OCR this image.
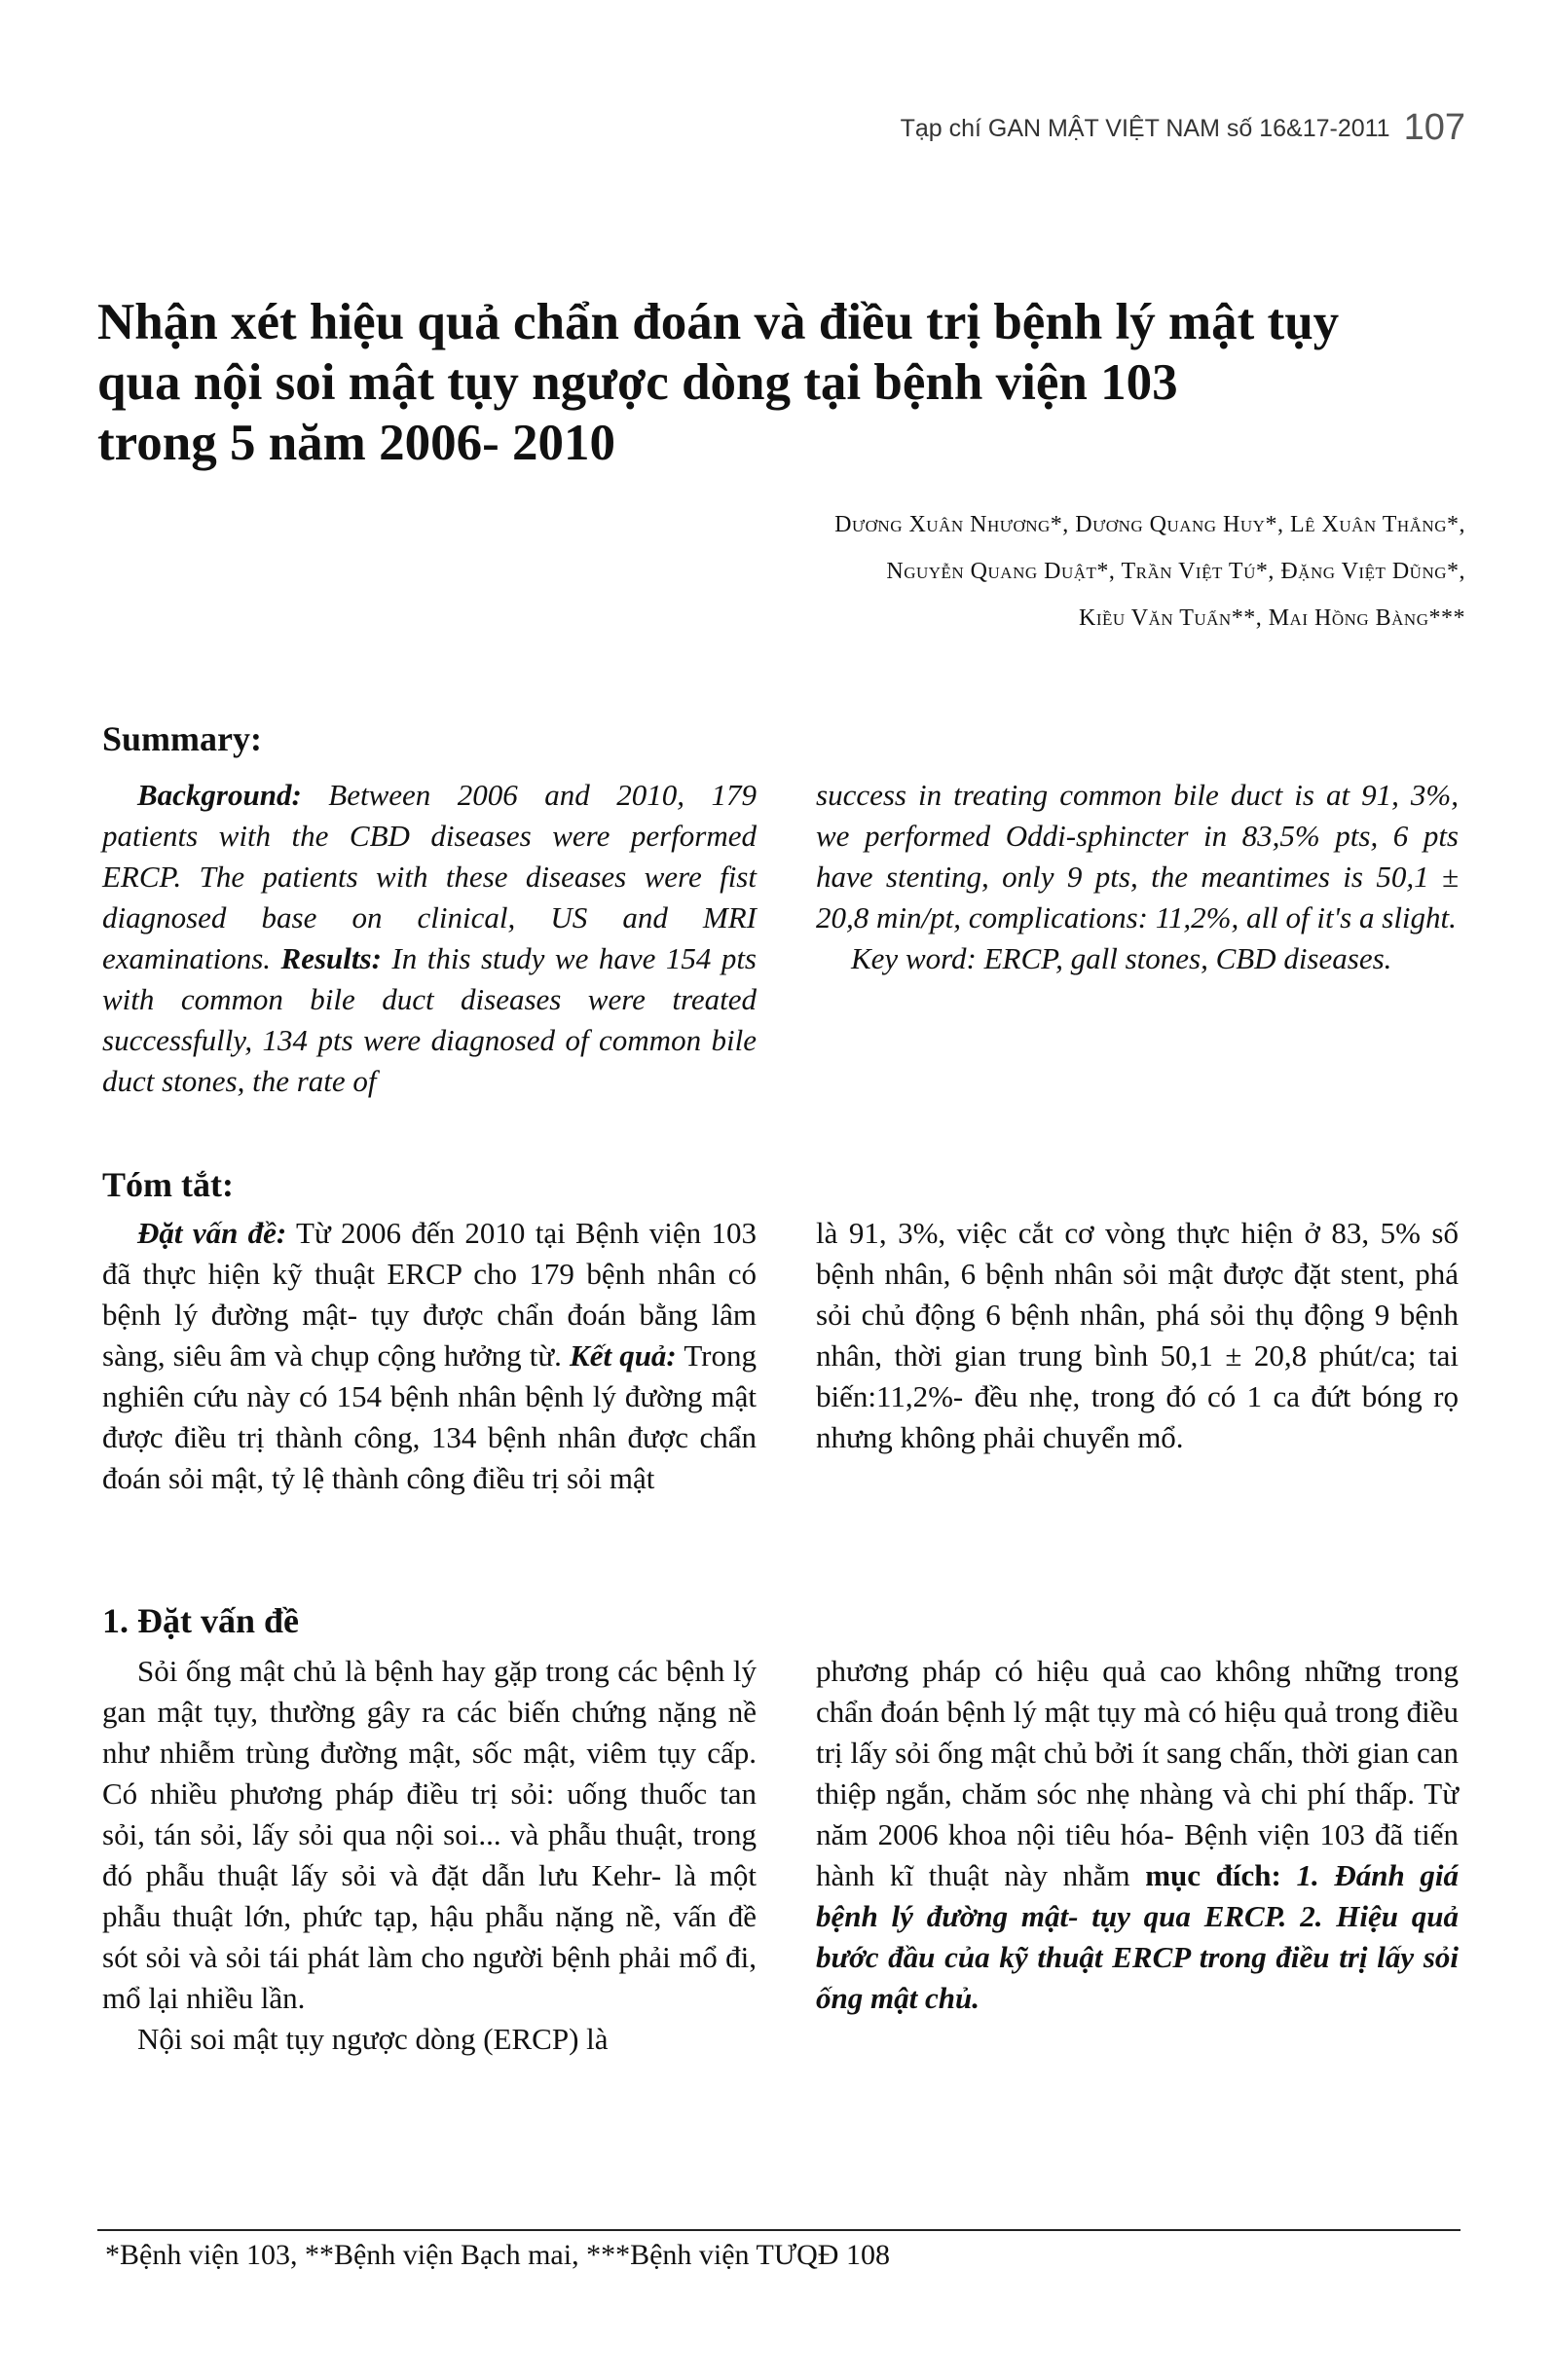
Tạp chí GAN MẬT VIỆT NAM số 16&17-2011 107
Nhận xét hiệu quả chẩn đoán và điều trị bệnh lý mật tụy
qua nội soi mật tụy ngược dòng tại bệnh viện 103
trong 5 năm 2006- 2010
Dương Xuân Nhương*, Dương Quang Huy*, Lê Xuân Thắng*,
Nguyễn Quang Duật*, Trần Việt Tú*, Đặng Việt Dũng*,
Kiều Văn Tuấn**, Mai Hồng Bàng***
Summary:

Background: Between 2006 and 2010, 179 patients with the CBD diseases were performed ERCP. The patients with these diseases were fist diagnosed base on clinical, US and MRI examinations. Results: In this study we have 154 pts with common bile duct diseases were treated successfully, 134 pts were diagnosed of common bile duct stones, the rate of

success in treating common bile duct is at 91, 3%, we performed Oddi-sphincter in 83,5% pts, 6 pts have stenting, only 9 pts, the meantimes is 50,1 ± 20,8 min/pt, complications: 11,2%, all of it's a slight.

Key word: ERCP, gall stones, CBD diseases.

Tóm tắt:

Đặt vấn đề: Từ 2006 đến 2010 tại Bệnh viện 103 đã thực hiện kỹ thuật ERCP cho 179 bệnh nhân có bệnh lý đường mật- tụy được chẩn đoán bằng lâm sàng, siêu âm và chụp cộng hưởng từ. Kết quả: Trong nghiên cứu này có 154 bệnh nhân bệnh lý đường mật được điều trị thành công, 134 bệnh nhân được chẩn đoán sỏi mật, tỷ lệ thành công điều trị sỏi mật

là 91, 3%, việc cắt cơ vòng thực hiện ở 83, 5% số bệnh nhân, 6 bệnh nhân sỏi mật được đặt stent, phá sỏi chủ động 6 bệnh nhân, phá sỏi thụ động 9 bệnh nhân, thời gian trung bình 50,1 ± 20,8 phút/ca; tai biến:11,2%- đều nhẹ, trong đó có 1 ca đứt bóng rọ nhưng không phải chuyển mổ.

1. Đặt vấn đề

Sỏi ống mật chủ là bệnh hay gặp trong các bệnh lý gan mật tụy, thường gây ra các biến chứng nặng nề như nhiễm trùng đường mật, sốc mật, viêm tụy cấp. Có nhiều phương pháp điều trị sỏi: uống thuốc tan sỏi, tán sỏi, lấy sỏi qua nội soi... và phẫu thuật, trong đó phẫu thuật lấy sỏi và đặt dẫn lưu Kehr- là một phẫu thuật lớn, phức tạp, hậu phẫu nặng nề, vấn đề sót sỏi và sỏi tái phát làm cho người bệnh phải mổ đi, mổ lại nhiều lần.

Nội soi mật tụy ngược dòng (ERCP) là

phương pháp có hiệu quả cao không những trong chẩn đoán bệnh lý mật tụy mà có hiệu quả trong điều trị lấy sỏi ống mật chủ bởi ít sang chấn, thời gian can thiệp ngắn, chăm sóc nhẹ nhàng và chi phí thấp. Từ năm 2006 khoa nội tiêu hóa- Bệnh viện 103 đã tiến hành kĩ thuật này nhằm mục đích: 1. Đánh giá bệnh lý đường mật- tụy qua ERCP. 2. Hiệu quả bước đầu của kỹ thuật ERCP trong điều trị lấy sỏi ống mật chủ.

*Bệnh viện 103, **Bệnh viện Bạch mai, ***Bệnh viện TƯQĐ 108
